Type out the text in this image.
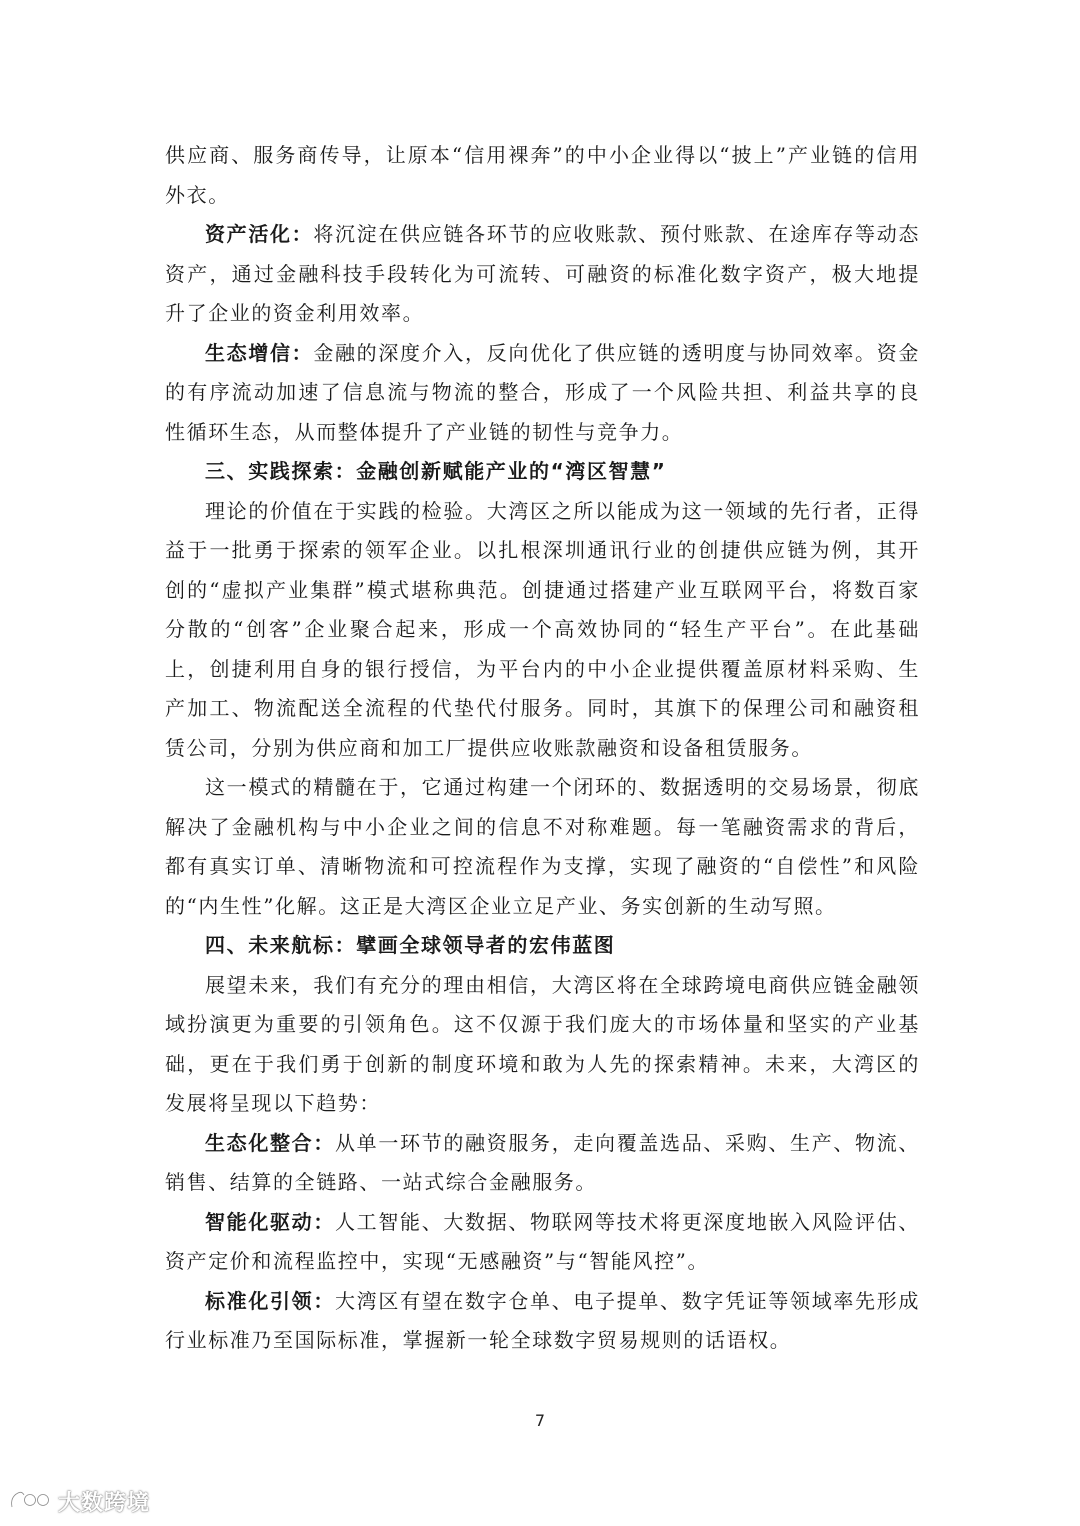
供应商、服务商传导，让原本“信用裸奔”的中小企业得以“披上”产业链的信用外衣。

资产活化：将沉淀在供应链各环节的应收账款、预付账款、在途库存等动态资产，通过金融科技手段转化为可流转、可融资的标准化数字资产，极大地提升了企业的资金利用效率。

生态增信：金融的深度介入，反向优化了供应链的透明度与协同效率。资金的有序流动加速了信息流与物流的整合，形成了一个风险共担、利益共享的良性循环生态，从而整体提升了产业链的韧性与竞争力。

三、实践探索：金融创新赋能产业的“湾区智慧”

理论的价值在于实践的检验。大湾区之所以能成为这一领域的先行者，正得益于一批勇于探索的领军企业。以扎根深圳通讯行业的创捷供应链为例，其开创的“虚拟产业集群”模式堪称典范。创捷通过搭建产业互联网平台，将数百家分散的“创客”企业聚合起来，形成一个高效协同的“轻生产平台”。在此基础上，创捷利用自身的银行授信，为平台内的中小企业提供覆盖原材料采购、生产加工、物流配送全流程的代垫代付服务。同时，其旗下的保理公司和融资租赁公司，分别为供应商和加工厂提供应收账款融资和设备租赁服务。

这一模式的精髓在于，它通过构建一个闭环的、数据透明的交易场景，彻底解决了金融机构与中小企业之间的信息不对称难题。每一笔融资需求的背后，都有真实订单、清晰物流和可控流程作为支撑，实现了融资的“自偿性”和风险的“内生性”化解。这正是大湾区企业立足产业、务实创新的生动写照。

四、未来航标：擘画全球领导者的宏伟蓝图

展望未来，我们有充分的理由相信，大湾区将在全球跨境电商供应链金融领域扮演更为重要的引领角色。这不仅源于我们庞大的市场体量和坚实的产业基础，更在于我们勇于创新的制度环境和敢为人先的探索精神。未来，大湾区的发展将呈现以下趋势：

生态化整合：从单一环节的融资服务，走向覆盖选品、采购、生产、物流、销售、结算的全链路、一站式综合金融服务。

智能化驱动：人工智能、大数据、物联网等技术将更深度地嵌入风险评估、资产定价和流程监控中，实现“无感融资”与“智能风控”。

标准化引领：大湾区有望在数字仓单、电子提单、数字凭证等领域率先形成行业标准乃至国际标准，掌握新一轮全球数字贸易规则的话语权。

7
大数跨境
